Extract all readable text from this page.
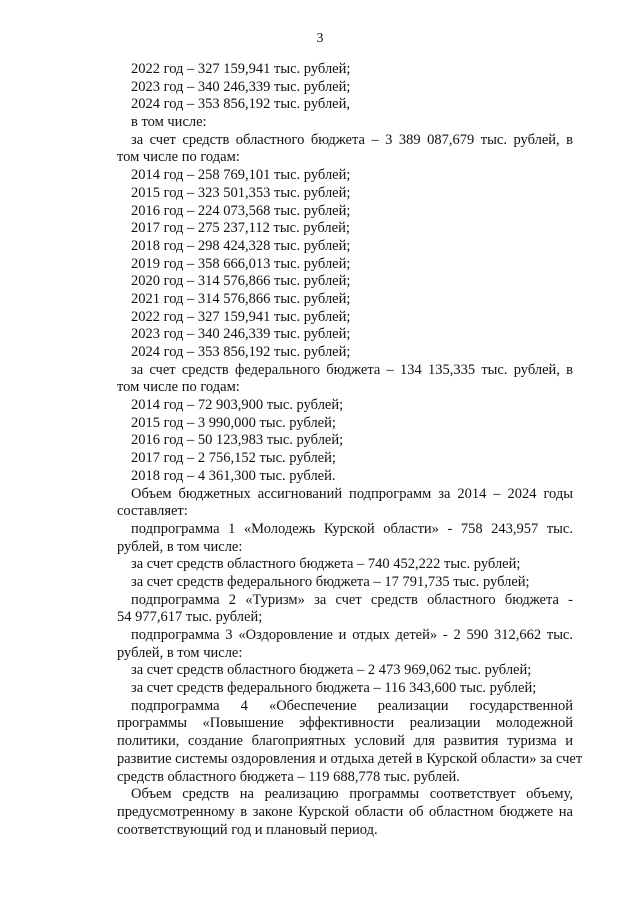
3
2022 год – 327 159,941 тыс. рублей;
2023 год – 340 246,339 тыс. рублей;
2024 год – 353 856,192 тыс. рублей,
в том числе:
за счет средств областного бюджета – 3 389 087,679 тыс. рублей, в
том числе по годам:
2014 год – 258 769,101 тыс. рублей;
2015 год – 323 501,353 тыс. рублей;
2016 год – 224 073,568 тыс. рублей;
2017 год – 275 237,112 тыс. рублей;
2018 год – 298 424,328 тыс. рублей;
2019 год – 358 666,013 тыс. рублей;
2020 год – 314 576,866 тыс. рублей;
2021 год – 314 576,866 тыс. рублей;
2022 год – 327 159,941 тыс. рублей;
2023 год – 340 246,339 тыс. рублей;
2024 год – 353 856,192 тыс. рублей;
за счет средств федерального бюджета – 134 135,335 тыс. рублей, в
том числе по годам:
2014 год – 72 903,900 тыс. рублей;
2015 год – 3 990,000 тыс. рублей;
2016 год – 50 123,983 тыс. рублей;
2017 год – 2 756,152 тыс. рублей;
2018 год – 4 361,300 тыс. рублей.
Объем бюджетных ассигнований подпрограмм за 2014 – 2024 годы
составляет:
подпрограмма 1 «Молодежь Курской области» - 758 243,957 тыс.
рублей, в том числе:
за счет средств областного бюджета – 740 452,222 тыс. рублей;
за счет средств федерального бюджета – 17 791,735 тыс. рублей;
подпрограмма 2 «Туризм» за счет средств областного бюджета -
54 977,617 тыс. рублей;
подпрограмма 3 «Оздоровление и отдых детей» - 2 590 312,662 тыс.
рублей, в том числе:
за счет средств областного бюджета – 2 473 969,062 тыс. рублей;
за счет средств федерального бюджета – 116 343,600 тыс. рублей;
подпрограмма 4 «Обеспечение реализации государственной
программы «Повышение эффективности реализации молодежной
политики, создание благоприятных условий для развития туризма и
развитие системы оздоровления и отдыха детей в Курской области» за счет
средств областного бюджета – 119 688,778 тыс. рублей.
Объем средств на реализацию программы соответствует объему,
предусмотренному в законе Курской области об областном бюджете на
соответствующий год и плановый период.
